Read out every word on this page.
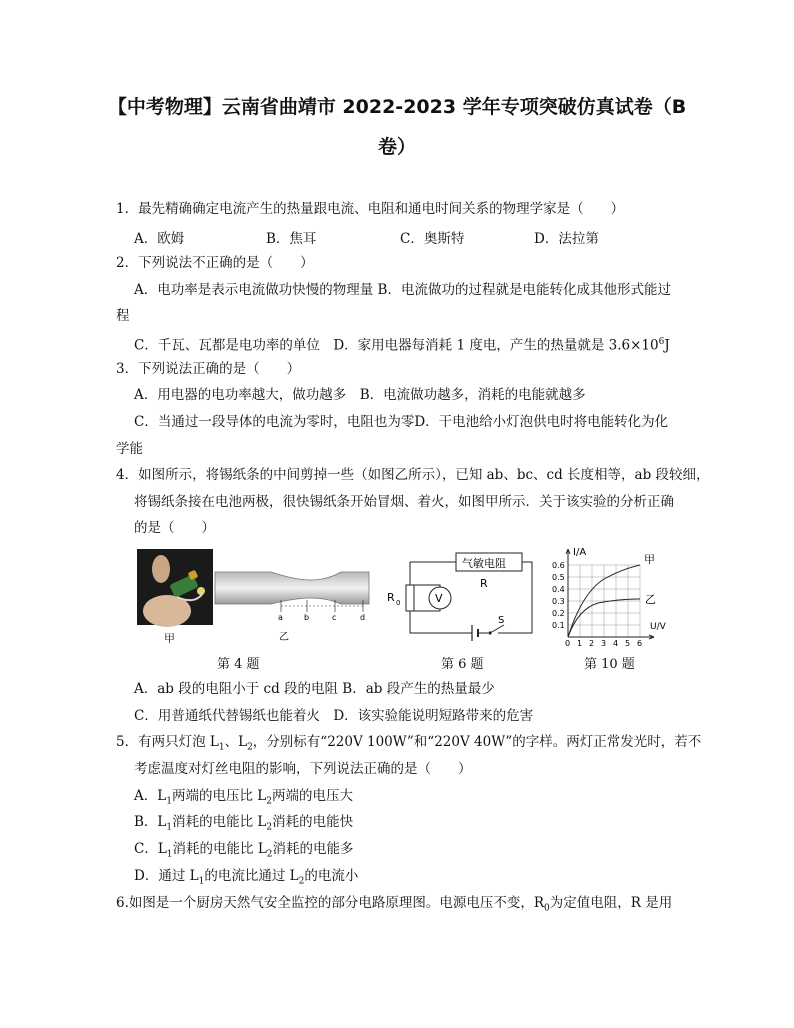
【中考物理】云南省曲靖市 2022-2023 学年专项突破仿真试卷（B
卷）
1．最先精确确定电流产生的热量跟电流、电阻和通电时间关系的物理学家是（　　）
A．欧姆	B．焦耳	C．奥斯特	D．法拉第
2．下列说法不正确的是（　　）
A．电功率是表示电流做功快慢的物理量 B．电流做功的过程就是电能转化成其他形式能过
程
C．千瓦、瓦都是电功率的单位　D．家用电器每消耗 1 度电，产生的热量就是 $3.6\times 10^6J$
3．下列说法正确的是（　　）
A．用电器的电功率越大，做功越多　B．电流做功越多，消耗的电能就越多
C．当通过一段导体的电流为零时，电阻也为零D．干电池给小灯泡供电时将电能转化为化
学能
4．如图所示，将锡纸条的中间剪掉一些（如图乙所示），已知 ab、bc、cd 长度相等，ab 段较细，
将锡纸条接在电池两极，很快锡纸条开始冒烟、着火，如图甲所示．关于该实验的分析正确
的是（　　）
甲
a	b	c	d
乙
第 4 题
气敏电阻
S
R
R 0	V
第 6 题
I/A
甲
乙
U/V
0.6
0.5
0.4
0.3
0.2
0.1
0 1 2 3 4 5 6
第 10 题
A．ab 段的电阻小于 cd 段的电阻 B．ab 段产生的热量最少
C．用普通纸代替锡纸也能着火　D．该实验能说明短路带来的危害
5．有两只灯泡 $L_1$、$L_2$，分别标有“220V 100W”和“220V 40W”的字样。两灯正常发光时，若不
考虑温度对灯丝电阻的影响，下列说法正确的是（　　）
A．$L_1$两端的电压比 $L_2$两端的电压大
B．$L_1$消耗的电能比 $L_2$消耗的电能快
C．$L_1$消耗的电能比 $L_2$消耗的电能多
D．通过 $L_1$的电流比通过 $L_2$的电流小
6.如图是一个厨房天然气安全监控的部分电路原理图。电源电压不变，$R_0$为定值电阻，R 是用
